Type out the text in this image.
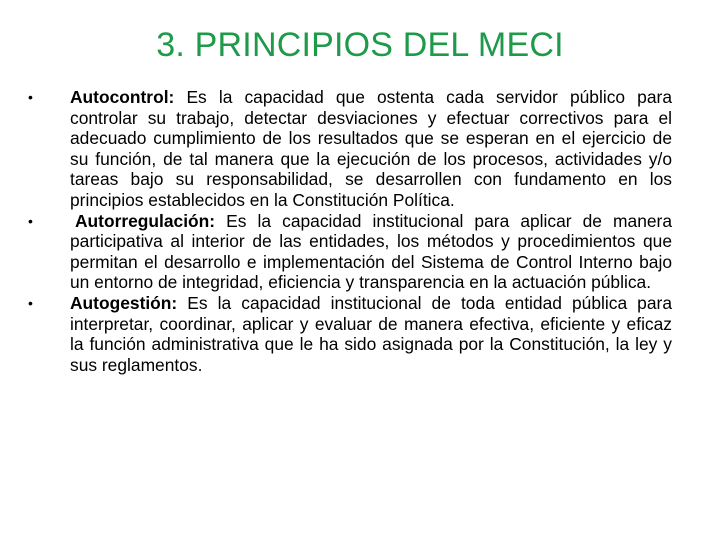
3. PRINCIPIOS DEL MECI
•	Autocontrol: Es la capacidad que ostenta cada servidor público para controlar su trabajo, detectar desviaciones y efectuar correctivos para el adecuado cumplimiento de los resultados que se esperan en el ejercicio de su función, de tal manera que la ejecución de los procesos, actividades y/o tareas bajo su responsabilidad, se desarrollen con fundamento en los principios establecidos en la Constitución Política.
•	Autorregulación: Es la capacidad institucional para aplicar de manera participativa al interior de las entidades, los métodos y procedimientos que permitan el desarrollo e implementación del Sistema de Control Interno bajo un entorno de integridad, eficiencia y transparencia en la actuación pública.
•	Autogestión: Es la capacidad institucional de toda entidad pública para interpretar, coordinar, aplicar y evaluar de manera efectiva, eficiente y eficaz la función administrativa que le ha sido asignada por la Constitución, la ley y sus reglamentos.
